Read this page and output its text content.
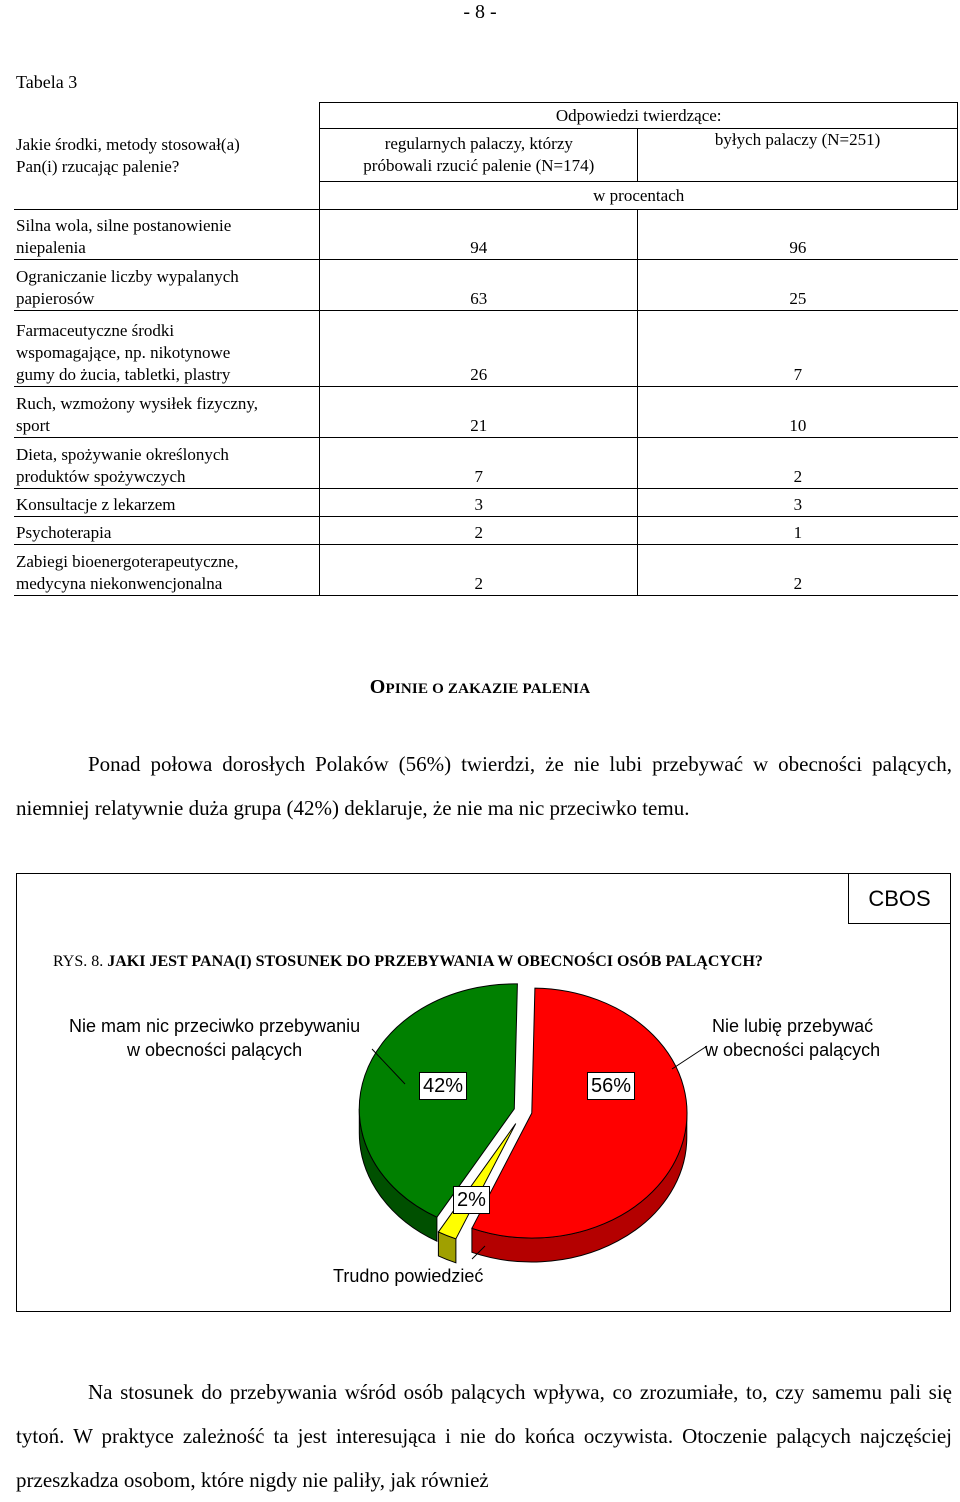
- 8 -
Tabela 3
Jakie środki, metody stosował(a)
Pan(i) rzucając palenie?	Odpowiedzi twierdzące:	
	regularnych palaczy, którzy
próbowali rzucić palenie (N=174)	byłych palaczy (N=251)
	w procentach	
Silna wola, silne postanowienie
niepalenia	94	96
Ograniczanie liczby wypalanych
papierosów	63	25
Farmaceutyczne środki
wspomagające, np. nikotynowe
gumy do żucia, tabletki, plastry	26	7
Ruch, wzmożony wysiłek fizyczny,
sport	21	10
Dieta, spożywanie określonych
produktów spożywczych	7	2
Konsultacje z lekarzem	3	3
Psychoterapia	2	1
Zabiegi bioenergoterapeutyczne,
medycyna niekonwencjonalna	2	2
OPINIE O ZAKAZIE PALENIA

Ponad połowa dorosłych Polaków (56%) twierdzi, że nie lubi przebywać w obecności palących, niemniej relatywnie duża grupa (42%) deklaruje, że nie ma nic przeciwko temu.

CBOS
RYS. 8. JAKI JEST PANA(I) STOSUNEK DO PRZEBYWANIA W OBECNOŚCI OSÓB PALĄCYCH?
Nie mam nic przeciwko przebywaniu
w obecności palących
Nie lubię przebywać
w obecności palących
Trudno powiedzieć
42%	56%
2%

Na stosunek do przebywania wśród osób palących wpływa, co zrozumiałe, to, czy samemu pali się tytoń. W praktyce zależność ta jest interesująca i nie do końca oczywista. Otoczenie palących najczęściej przeszkadza osobom, które nigdy nie paliły, jak również
